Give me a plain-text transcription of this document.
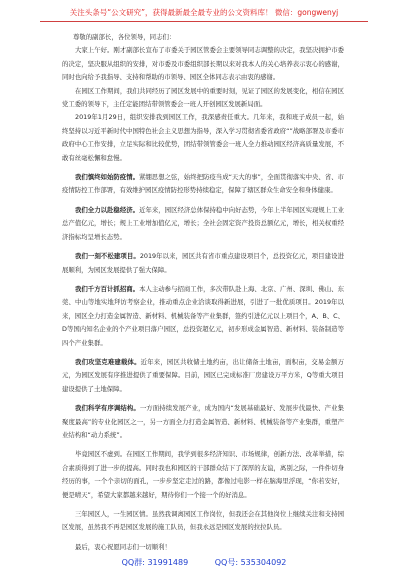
关注头条号“公文研究”，获得最新最全最专业的公文资料库！ 微信：gongwenyj

尊敬的副部长，各位领导，同志们：

大家上午好。刚才副部长宣布了市委关于园区管委会主要领导同志调整的决定，我坚决拥护市委的决定，坚决服从组织的安排，对市委及市委组织部长期以来对我本人的关心培养表示衷心的感谢，同时也向给予我指导、支持和帮助的市领导、园区全体同志表示由衷的感谢。

在园区工作期间，我们共同经历了园区发展中的重要时刻，见证了园区的发展变化，相信在园区党工委的领导下，主任定能团结带领管委会一班人开创园区发展新局面。

2019年1月29日，组织安排我到园区工作，我深感责任重大。几年来，我和班子成员一起，始终坚持以习近平新时代中国特色社会主义思想为指导，深入学习贯彻省委省政府“”战略部署及市委市政府中心工作安排，立足实际和比较优势，团结带领管委会一班人全力推动园区经济高质量发展，不敢有丝毫松懈和怠慢。

我们慎终如始防疫情。紧绷思想之弦，始终把防疫当成“天大的事”，全面贯彻落实中央、省、市疫情防控工作部署，有效维护园区疫情防控形势持续稳定，保障了辖区群众生命安全和身体健康。

我们全力以赴稳经济。近年来，园区经济总体保持稳中向好态势，今年上半年园区实现规上工业总产值亿元，增长；规上工业增加值亿元，增长；全社会固定资产投资总额亿元，增长，相关权重经济指标均呈增长态势。

我们一刻不松建项目。2019年以来，园区共有省市重点建设项目个，总投资亿元，项目建设进展顺利，为园区发展提供了强大保障。

我们千方百计抓招商。本人主动参与招商工作，多次带队赴上海、北京、广州、深圳、佛山、东莞、中山等地实地拜访考察企业，推动重点企业洽谈取得新进展，引进了一批优质项目。2019年以来，园区全力打造金属智造、新材料、机械装备等产业集群，签约引进亿元以上项目个，A、B、C、D等国内知名企业的个产业项目落户园区，总投资超亿元，初步形成金属智造、新材料、装备制造等四个产业集群。

我们攻坚克难建载体。近年来，园区共收储土地约亩，出让储备土地亩，面积亩，交易金额万元，为园区发展有序推进提供了重要保障。目前，园区已完成标准厂房建设万平方米，Q等重大项目建设提供了土地保障。

我们科学有序调结构。一方面持续发展产业，成为国内“发展基础最好、发展步伐最快、产业集聚度最高”的专业化园区之一，另一方面全力打造金属智造、新材料、机械装备等产业集群，重塑产业结构和“动力系统”。

毕竟园区不虚到。在园区工作期间，我学到很多经济知识、市场规律，创新方法、改革举措，综合素质得到了进一步的提高。同时我也和园区的干部群众结下了深厚的友谊，离别之际，一件件切身经历的事，一个个亲切的面孔，一步步坚定走过的路，都像过电影一样在脑海里浮现，“你若安好，便是晴天”，希望大家都越来越好，期待你们一个接一个的好消息。

三年园区人，一生园区情。虽然我调离园区工作岗位，但我还会在其他岗位上继续关注和支持园区发展，虽然我不再是园区发展的施工队员，但我永远是园区发展的拉拉队员。

最后，衷心祝愿同志们一切顺利！

QQ群: 31991489	QQ号: 535304092
